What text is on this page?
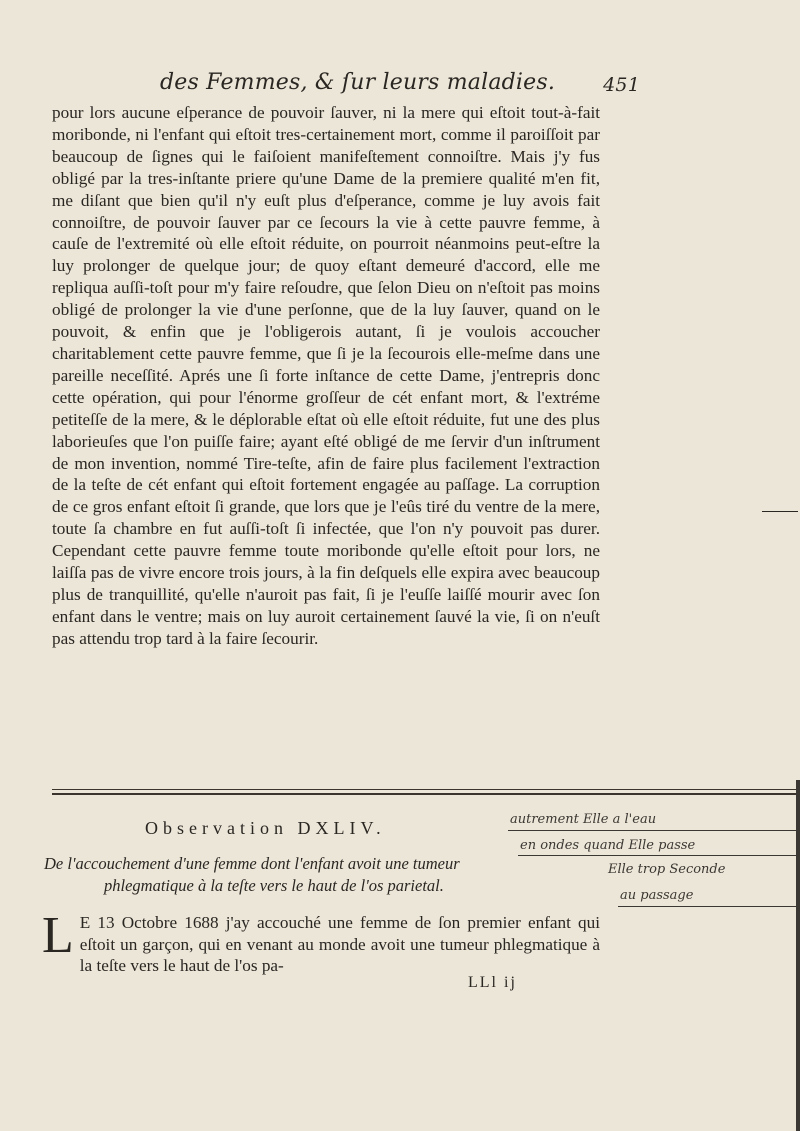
des Femmes, & ſur leurs maladies.	451

pour lors aucune eſperance de pouvoir ſauver, ni la mere qui eſtoit tout-à-fait moribonde, ni l'enfant qui eſtoit tres-certainement mort, comme il paroiſſoit par beaucoup de ſignes qui le faiſoient manifeſtement connoiſtre. Mais j'y fus obligé par la tres-inſtante priere qu'une Dame de la premiere qualité m'en fit, me diſant que bien qu'il n'y euſt plus d'eſperance, comme je luy avois fait connoiſtre, de pouvoir ſauver par ce ſecours la vie à cette pauvre femme, à cauſe de l'extremité où elle eſtoit réduite, on pourroit néanmoins peut-eſtre la luy prolonger de quelque jour; de quoy eſtant demeuré d'accord, elle me repliqua auſſi-toſt pour m'y faire reſoudre, que ſelon Dieu on n'eſtoit pas moins obligé de prolonger la vie d'une perſonne, que de la luy ſauver, quand on le pouvoit, & enfin que je l'obligerois autant, ſi je voulois accoucher charitablement cette pauvre femme, que ſi je la ſecourois elle-meſme dans une pareille neceſſité. Aprés une ſi forte inſtance de cette Dame, j'entrepris donc cette opération, qui pour l'énorme groſſeur de cét enfant mort, & l'extréme petiteſſe de la mere, & le déplorable eſtat où elle eſtoit réduite, fut une des plus laborieuſes que l'on puiſſe faire; ayant eſté obligé de me ſervir d'un inſtrument de mon invention, nommé Tire-teſte, afin de faire plus facilement l'extraction de la teſte de cét enfant qui eſtoit fortement engagée au paſſage. La corruption de ce gros enfant eſtoit ſi grande, que lors que je l'eûs tiré du ventre de la mere, toute ſa chambre en fut auſſi-toſt ſi infectée, que l'on n'y pouvoit pas durer. Cependant cette pauvre femme toute moribonde qu'elle eſtoit pour lors, ne laiſſa pas de vivre encore trois jours, à la fin deſquels elle expira avec beaucoup plus de tranquillité, qu'elle n'auroit pas fait, ſi je l'euſſe laiſſé mourir avec ſon enfant dans le ventre; mais on luy auroit certainement ſauvé la vie, ſi on n'euſt pas attendu trop tard à la faire ſecourir.

Observation DXLIV.
De l'accouchement d'une femme dont l'enfant avoit une tumeur
phlegmatique à la teſte vers le haut de l'os parietal.
L E 13 Octobre 1688 j'ay accouché une femme de ſon premier enfant qui eſtoit un garçon, qui en venant au monde avoit une tumeur phlegmatique à la teſte vers le haut de l'os pa-
LLl ij
autrement Elle a l'eau
en ondes quand Elle passe
Elle trop Seconde
au passage
